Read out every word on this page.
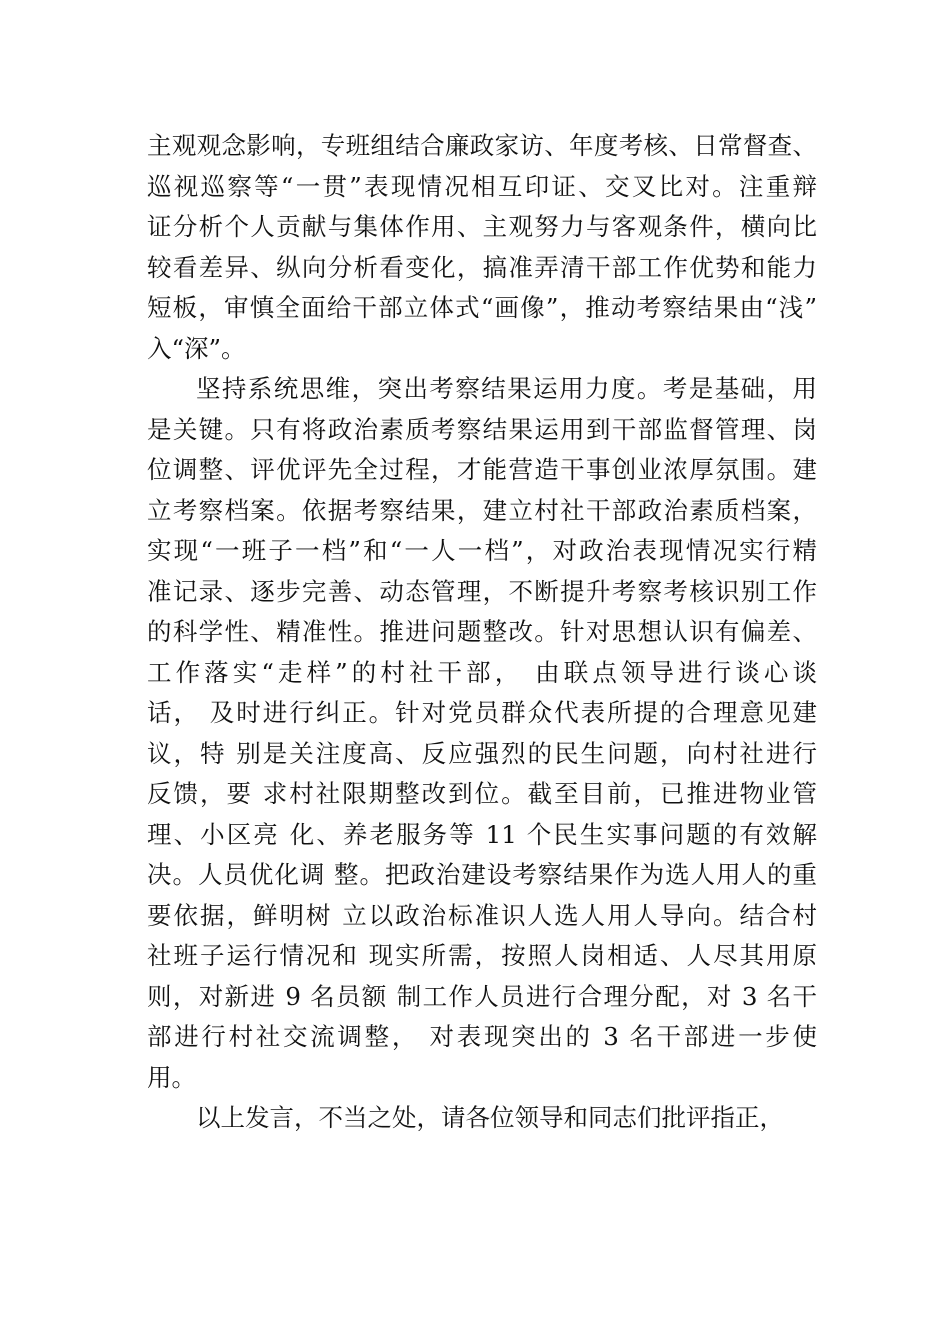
主观观念影响，专班组结合廉政家访、年度考核、日常督查、
巡视巡察等“一贯”表现情况相互印证、交叉比对。注重辩
证分析个人贡献与集体作用、主观努力与客观条件，横向比
较看差异、纵向分析看变化，搞准弄清干部工作优势和能力
短板，审慎全面给干部立体式“画像”，推动考察结果由“浅”
入“深”。
坚持系统思维，突出考察结果运用力度。考是基础，用
是关键。只有将政治素质考察结果运用到干部监督管理、岗
位调整、评优评先全过程，才能营造干事创业浓厚氛围。建
立考察档案。依据考察结果，建立村社干部政治素质档案，
实现“一班子一档”和“一人一档”，对政治表现情况实行精
准记录、逐步完善、动态管理，不断提升考察考核识别工作
的科学性、精准性。推进问题整改。针对思想认识有偏差、
工作落实“走样”的村社干部， 由联点领导进行谈心谈
话， 及时进行纠正。针对党员群众代表所提的合理意见建
议，特 别是关注度高、反应强烈的民生问题，向村社进行
反馈，要 求村社限期整改到位。截至目前，已推进物业管
理、小区亮 化、养老服务等 11 个民生实事问题的有效解
决。人员优化调 整。把政治建设考察结果作为选人用人的重
要依据，鲜明树 立以政治标准识人选人用人导向。结合村
社班子运行情况和 现实所需，按照人岗相适、人尽其用原
则，对新进 9 名员额 制工作人员进行合理分配，对 3 名干
部进行村社交流调整， 对表现突出的 3 名干部进一步使
用。
以上发言，不当之处，请各位领导和同志们批评指正，
